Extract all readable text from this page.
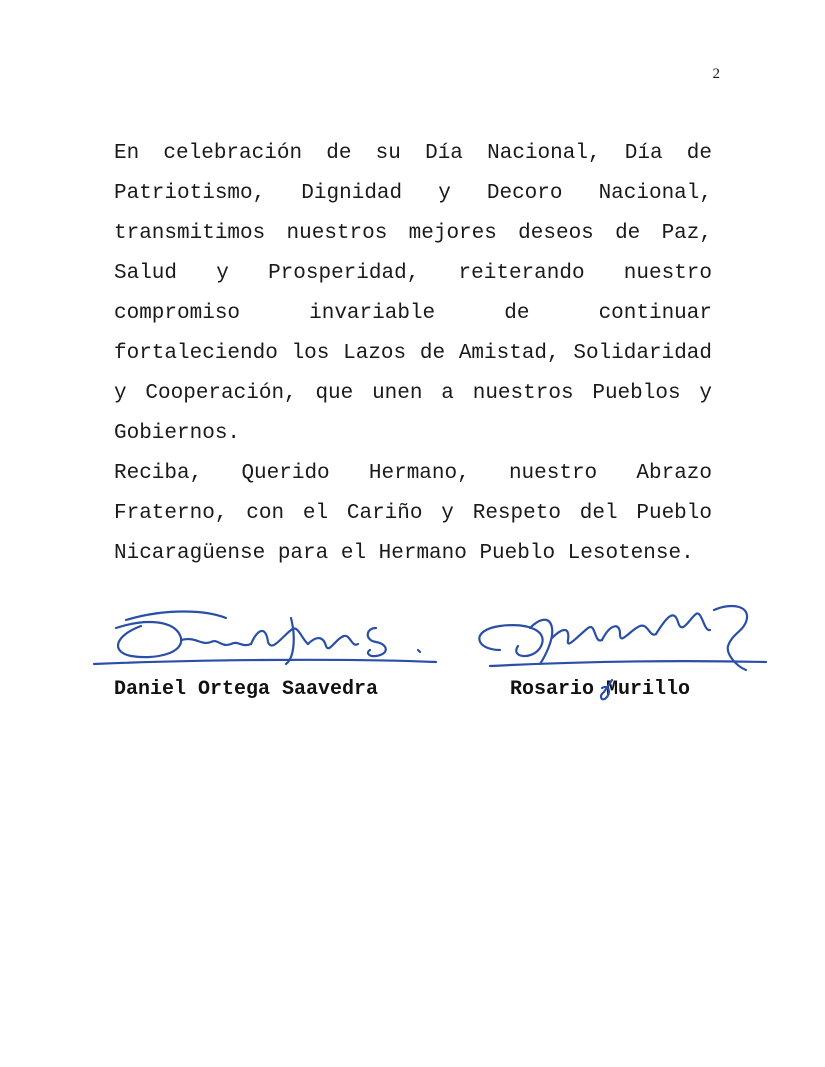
2

En celebración de su Día Nacional, Día de Patriotismo, Dignidad y Decoro Nacional, transmitimos nuestros mejores deseos de Paz, Salud y Prosperidad, reiterando nuestro compromiso invariable de continuar fortaleciendo los Lazos de Amistad, Solidaridad y Cooperación, que unen a nuestros Pueblos y Gobiernos.

Reciba, Querido Hermano, nuestro Abrazo Fraterno, con el Cariño y Respeto del Pueblo Nicaragüense para el Hermano Pueblo Lesotense.

Daniel Ortega Saavedra	Rosario Murillo
